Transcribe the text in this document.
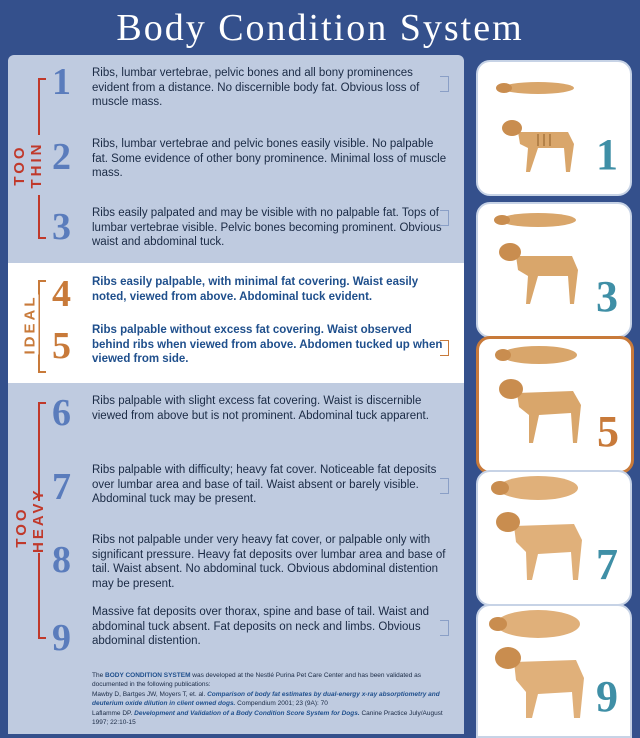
Body Condition System
TOO THIN
IDEAL
TOO HEAVY
1 Ribs, lumbar vertebrae, pelvic bones and all bony prominences evident from a distance. No discernible body fat. Obvious loss of muscle mass.
2 Ribs, lumbar vertebrae and pelvic bones easily visible. No palpable fat. Some evidence of other bony prominence. Minimal loss of muscle mass.
3 Ribs easily palpated and may be visible with no palpable fat. Tops of lumbar vertebrae visible. Pelvic bones becoming prominent. Obvious waist and abdominal tuck.
4 Ribs easily palpable, with minimal fat covering. Waist easily noted, viewed from above. Abdominal tuck evident.
5 Ribs palpable without excess fat covering. Waist observed behind ribs when viewed from above. Abdomen tucked up when viewed from side.
6 Ribs palpable with slight excess fat covering. Waist is discernible viewed from above but is not prominent. Abdominal tuck apparent.
7 Ribs palpable with difficulty; heavy fat cover. Noticeable fat deposits over lumbar area and base of tail. Waist absent or barely visible. Abdominal tuck may be present.
8 Ribs not palpable under very heavy fat cover, or palpable only with significant pressure. Heavy fat deposits over lumbar area and base of tail. Waist absent. No abdominal tuck. Obvious abdominal distention may be present.
9
Massive fat deposits over thorax, spine and base of tail. Waist and abdominal tuck absent. Fat deposits on neck and limbs. Obvious abdominal distention.
1
3
5
7
9
The BODY CONDITION SYSTEM was developed at the Nestlé Purina Pet Care Center and has been validated as documented in the following publications:
Mawby D, Bartges JW, Moyers T, et. al. Comparison of body fat estimates by dual-energy x-ray absorptiometry and deuterium oxide dilution in client owned dogs. Compendium 2001; 23 (9A): 70
Laflamme DP. Development and Validation of a Body Condition Score System for Dogs. Canine Practice July/August 1997; 22:10-15
